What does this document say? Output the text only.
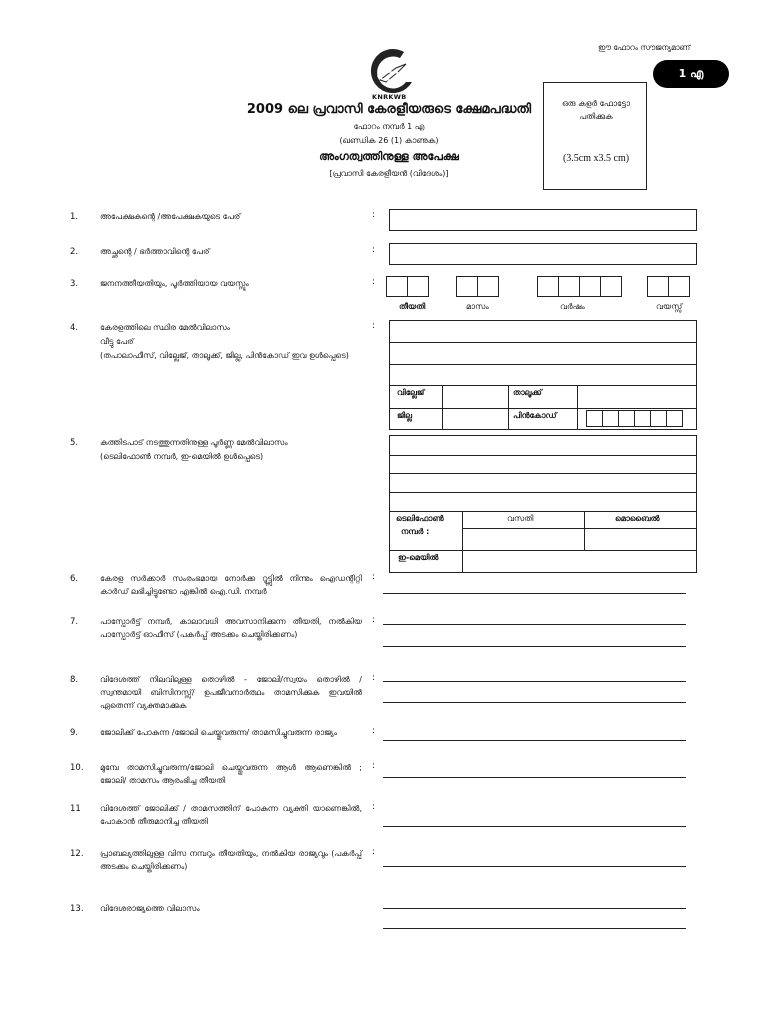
ഈ ഫോറം സൗജന്യമാണ്
1 എ
KNRKWB
2009 ലെ പ്രവാസി കേരളീയരുടെ ക്ഷേമപദ്ധതി
ഫോറം നമ്പർ 1 എ
(ഖണ്ഡിക 26 (1) കാണുക)
അംഗത്വത്തിനുള്ള അപേക്ഷ
[പ്രവാസി കേരളീയൻ (വിദേശം)]
ഒരു കളർ ഫോട്ടോ പതിക്കുക
(3.5cm x3.5 cm)
1.	അപേക്ഷകന്റെ /അപേക്ഷകയുടെ പേര്	:
2.	അച്ഛന്റെ / ഭർത്താവിന്റെ പേര്	:
3.	ജനനത്തീയതിയും, പൂർത്തിയായ വയസ്സും	:
തീയതി	മാസം	വർഷം	വയസ്സ്
4.	കേരളത്തിലെ സ്ഥിര മേൽവിലാസം
വീട്ടു പേര്
(തപാലാഫീസ്, വില്ലേജ്, താലൂക്ക്, ജില്ല, പിൻകോഡ് ഇവ ഉൾപ്പെടെ)
:
വില്ലേജ്	താലൂക്ക്
ജില്ല	പിൻകോഡ്
5.	കത്തിടപാട് നടത്തുന്നതിനുള്ള പൂർണ്ണ മേൽവിലാസം
(ടെലിഫോൺ നമ്പർ, ഇ-മെയിൽ ഉൾപ്പെടെ)
ടെലിഫോൺ
നമ്പർ :
വസതി	മൊബൈൽ
ഇ-മെയിൽ
6.	കേരള സർക്കാർ സംരംഭമായ നോർക്ക റൂട്ട്സിൽ നിന്നും ഐഡന്റിറ്റി കാർഡ് ലഭിച്ചിട്ടുണ്ടോ എങ്കിൽ ഐ.ഡി. നമ്പർ
:
7.	പാസ്പോർട്ട് നമ്പർ, കാലാവധി അവസാനിക്കുന്ന തീയതി, നൽകിയ പാസ്പോർട്ട് ഓഫീസ് (പകർപ്പ് അടക്കം ചെയ്തിരിക്കണം)
:
8.	വിദേശത്ത് നിലവിലുള്ള തൊഴിൽ - ജോലി/സ്വയം തൊഴിൽ / സ്വന്തമായി ബിസിനസ്സ്/ ഉപജീവനാർത്ഥം താമസിക്കുക ഇവയിൽ ഏതെന്ന് വ്യക്തമാക്കുക
:
9.	ജോലിക്ക് പോകുന്ന /ജോലി ചെയ്തുവരുന്ന/ താമസിച്ചുവരുന്ന രാജ്യം	:
10. മുമ്പേ താമസിച്ചുവരുന്ന/ജോലി ചെയ്തുവരുന്ന ആൾ ആണെങ്കിൽ ; ജോലി/ താമസം ആരംഭിച്ച തീയതി
:
11 വിദേശത്ത് ജോലിക്ക് / താമസത്തിന് പോകുന്ന വ്യക്തി യാണെങ്കിൽ, പോകാൻ തീരുമാനിച്ച തീയതി
:
12. പ്രാബല്യത്തിലുള്ള വിസ നമ്പറും തീയതിയും, നൽകിയ രാജ്യവും (പകർപ്പ് അടക്കം ചെയ്തിരിക്കണം)
:
13. വിദേശരാജ്യത്തെ വിലാസം
